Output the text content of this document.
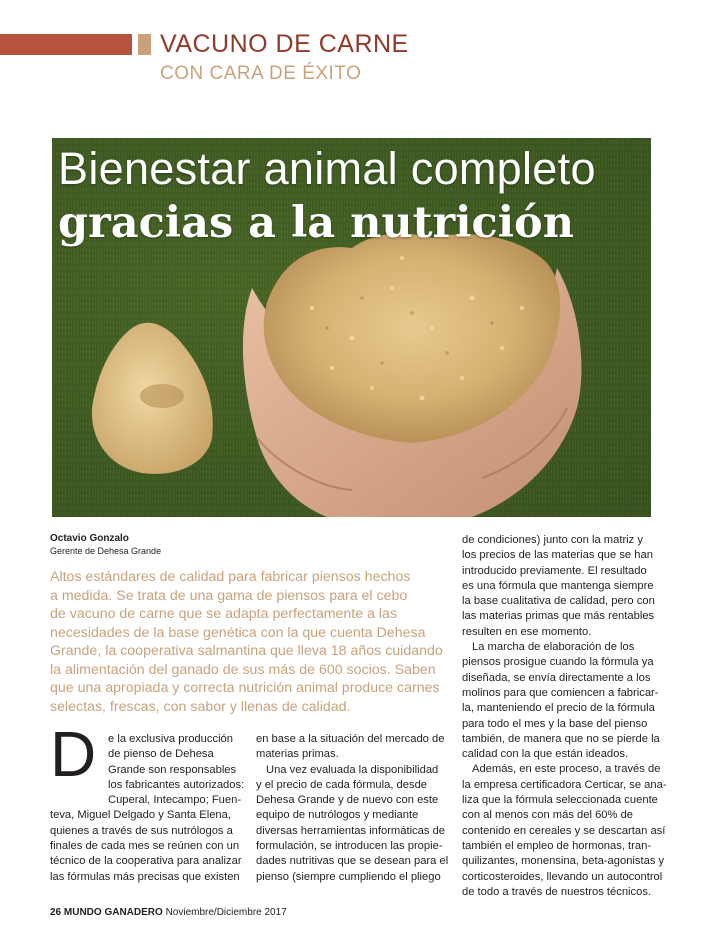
VACUNO DE CARNE
CON CARA DE ÉXITO
Bienestar animal completo
gracias a la nutrición
Octavio Gonzalo
Gerente de Dehesa Grande
Altos estándares de calidad para fabricar piensos hechos
a medida. Se trata de una gama de piensos para el cebo
de vacuno de carne que se adapta perfectamente a las
necesidades de la base genética con la que cuenta Dehesa
Grande, la cooperativa salmantina que lleva 18 años cuidando
la alimentación del ganado de sus más de 600 socios. Saben
que una apropiada y correcta nutrición animal produce carnes
selectas, frescas, con sabor y llenas de calidad.
D	e la exclusiva producción
de pienso de Dehesa
Grande son responsables
los fabricantes autorizados:
Cuperal, Intecampo; Fuen-
teva, Miguel Delgado y Santa Elena,
quienes a través de sus nutrólogos a
finales de cada mes se reúnen con un
técnico de la cooperativa para analizar
las fórmulas más precisas que existen
en base a la situación del mercado de
materias primas.
Una vez evaluada la disponibilidad
y el precio de cada fórmula, desde
Dehesa Grande y de nuevo con este
equipo de nutrólogos y mediante
diversas herramientas informáticas de
formulación, se introducen las propie-
dades nutritivas que se desean para el
pienso (siempre cumpliendo el pliego
de condiciones) junto con la matriz y
los precios de las materias que se han
introducido previamente. El resultado
es una fórmula que mantenga siempre
la base cualitativa de calidad, pero con
las materias primas que más rentables
resulten en ese momento.
La marcha de elaboración de los
piensos prosigue cuando la fórmula ya
diseñada, se envía directamente a los
molinos para que comiencen a fabricar-
la, manteniendo el precio de la fórmula
para todo el mes y la base del pienso
también, de manera que no se pierde la
calidad con la que están ideados.
Además, en este proceso, a través de
la empresa certificadora Certicar, se ana-
liza que la fórmula seleccionada cuente
con al menos con más del 60% de
contenido en cereales y se descartan así
también el empleo de hormonas, tran-
quilizantes, monensina, beta-agonistas y
corticosteroides, llevando un autocontrol
de todo a través de nuestros técnicos.
26 MUNDO GANADERO Noviembre/Diciembre 2017
